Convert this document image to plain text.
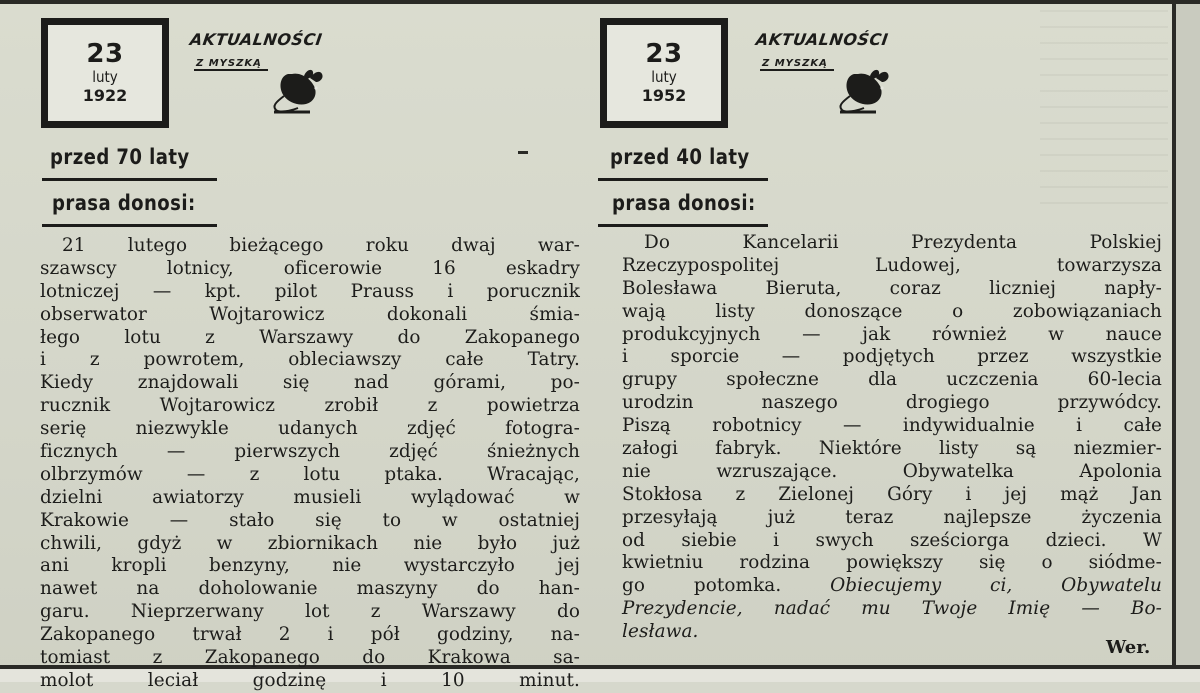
23
luty
1922
AKTUALNOŚCI
Z MYSZKĄ
przed 70 laty
prasa donosi:
21 lutego bieżącego roku dwaj war-
szawscy lotnicy, oficerowie 16 eskadry
lotniczej — kpt. pilot Prauss i porucznik
obserwator Wojtarowicz dokonali śmia-
łego lotu z Warszawy do Zakopanego
i z powrotem, obleciawszy całe Tatry.
Kiedy znajdowali się nad górami, po-
rucznik Wojtarowicz zrobił z powietrza
serię niezwykle udanych zdjęć fotogra-
ficznych — pierwszych zdjęć śnieżnych
olbrzymów — z lotu ptaka. Wracając,
dzielni awiatorzy musieli wylądować w
Krakowie — stało się to w ostatniej
chwili, gdyż w zbiornikach nie było już
ani kropli benzyny, nie wystarczyło jej
nawet na doholowanie maszyny do han-
garu. Nieprzerwany lot z Warszawy do
Zakopanego trwał 2 i pół godziny, na-
tomiast z Zakopanego do Krakowa sa-
molot leciał godzinę i 10 minut.
23
luty
1952
AKTUALNOŚCI
Z MYSZKĄ
przed 40 laty
prasa donosi:
Do Kancelarii Prezydenta Polskiej
Rzeczypospolitej Ludowej, towarzysza
Bolesława Bieruta, coraz liczniej napły-
wają listy donoszące o zobowiązaniach
produkcyjnych — jak również w nauce
i sporcie — podjętych przez wszystkie
grupy społeczne dla uczczenia 60-lecia
urodzin naszego drogiego przywódcy.
Piszą robotnicy — indywidualnie i całe
załogi fabryk. Niektóre listy są niezmier-
nie wzruszające. Obywatelka Apolonia
Stokłosa z Zielonej Góry i jej mąż Jan
przesyłają już teraz najlepsze życzenia
od siebie i swych sześciorga dzieci. W
kwietniu rodzina powiększy się o siódme-
go potomka. Obiecujemy ci, Obywatelu
Prezydencie, nadać mu Twoje Imię — Bo-
lesława.
Wer.
